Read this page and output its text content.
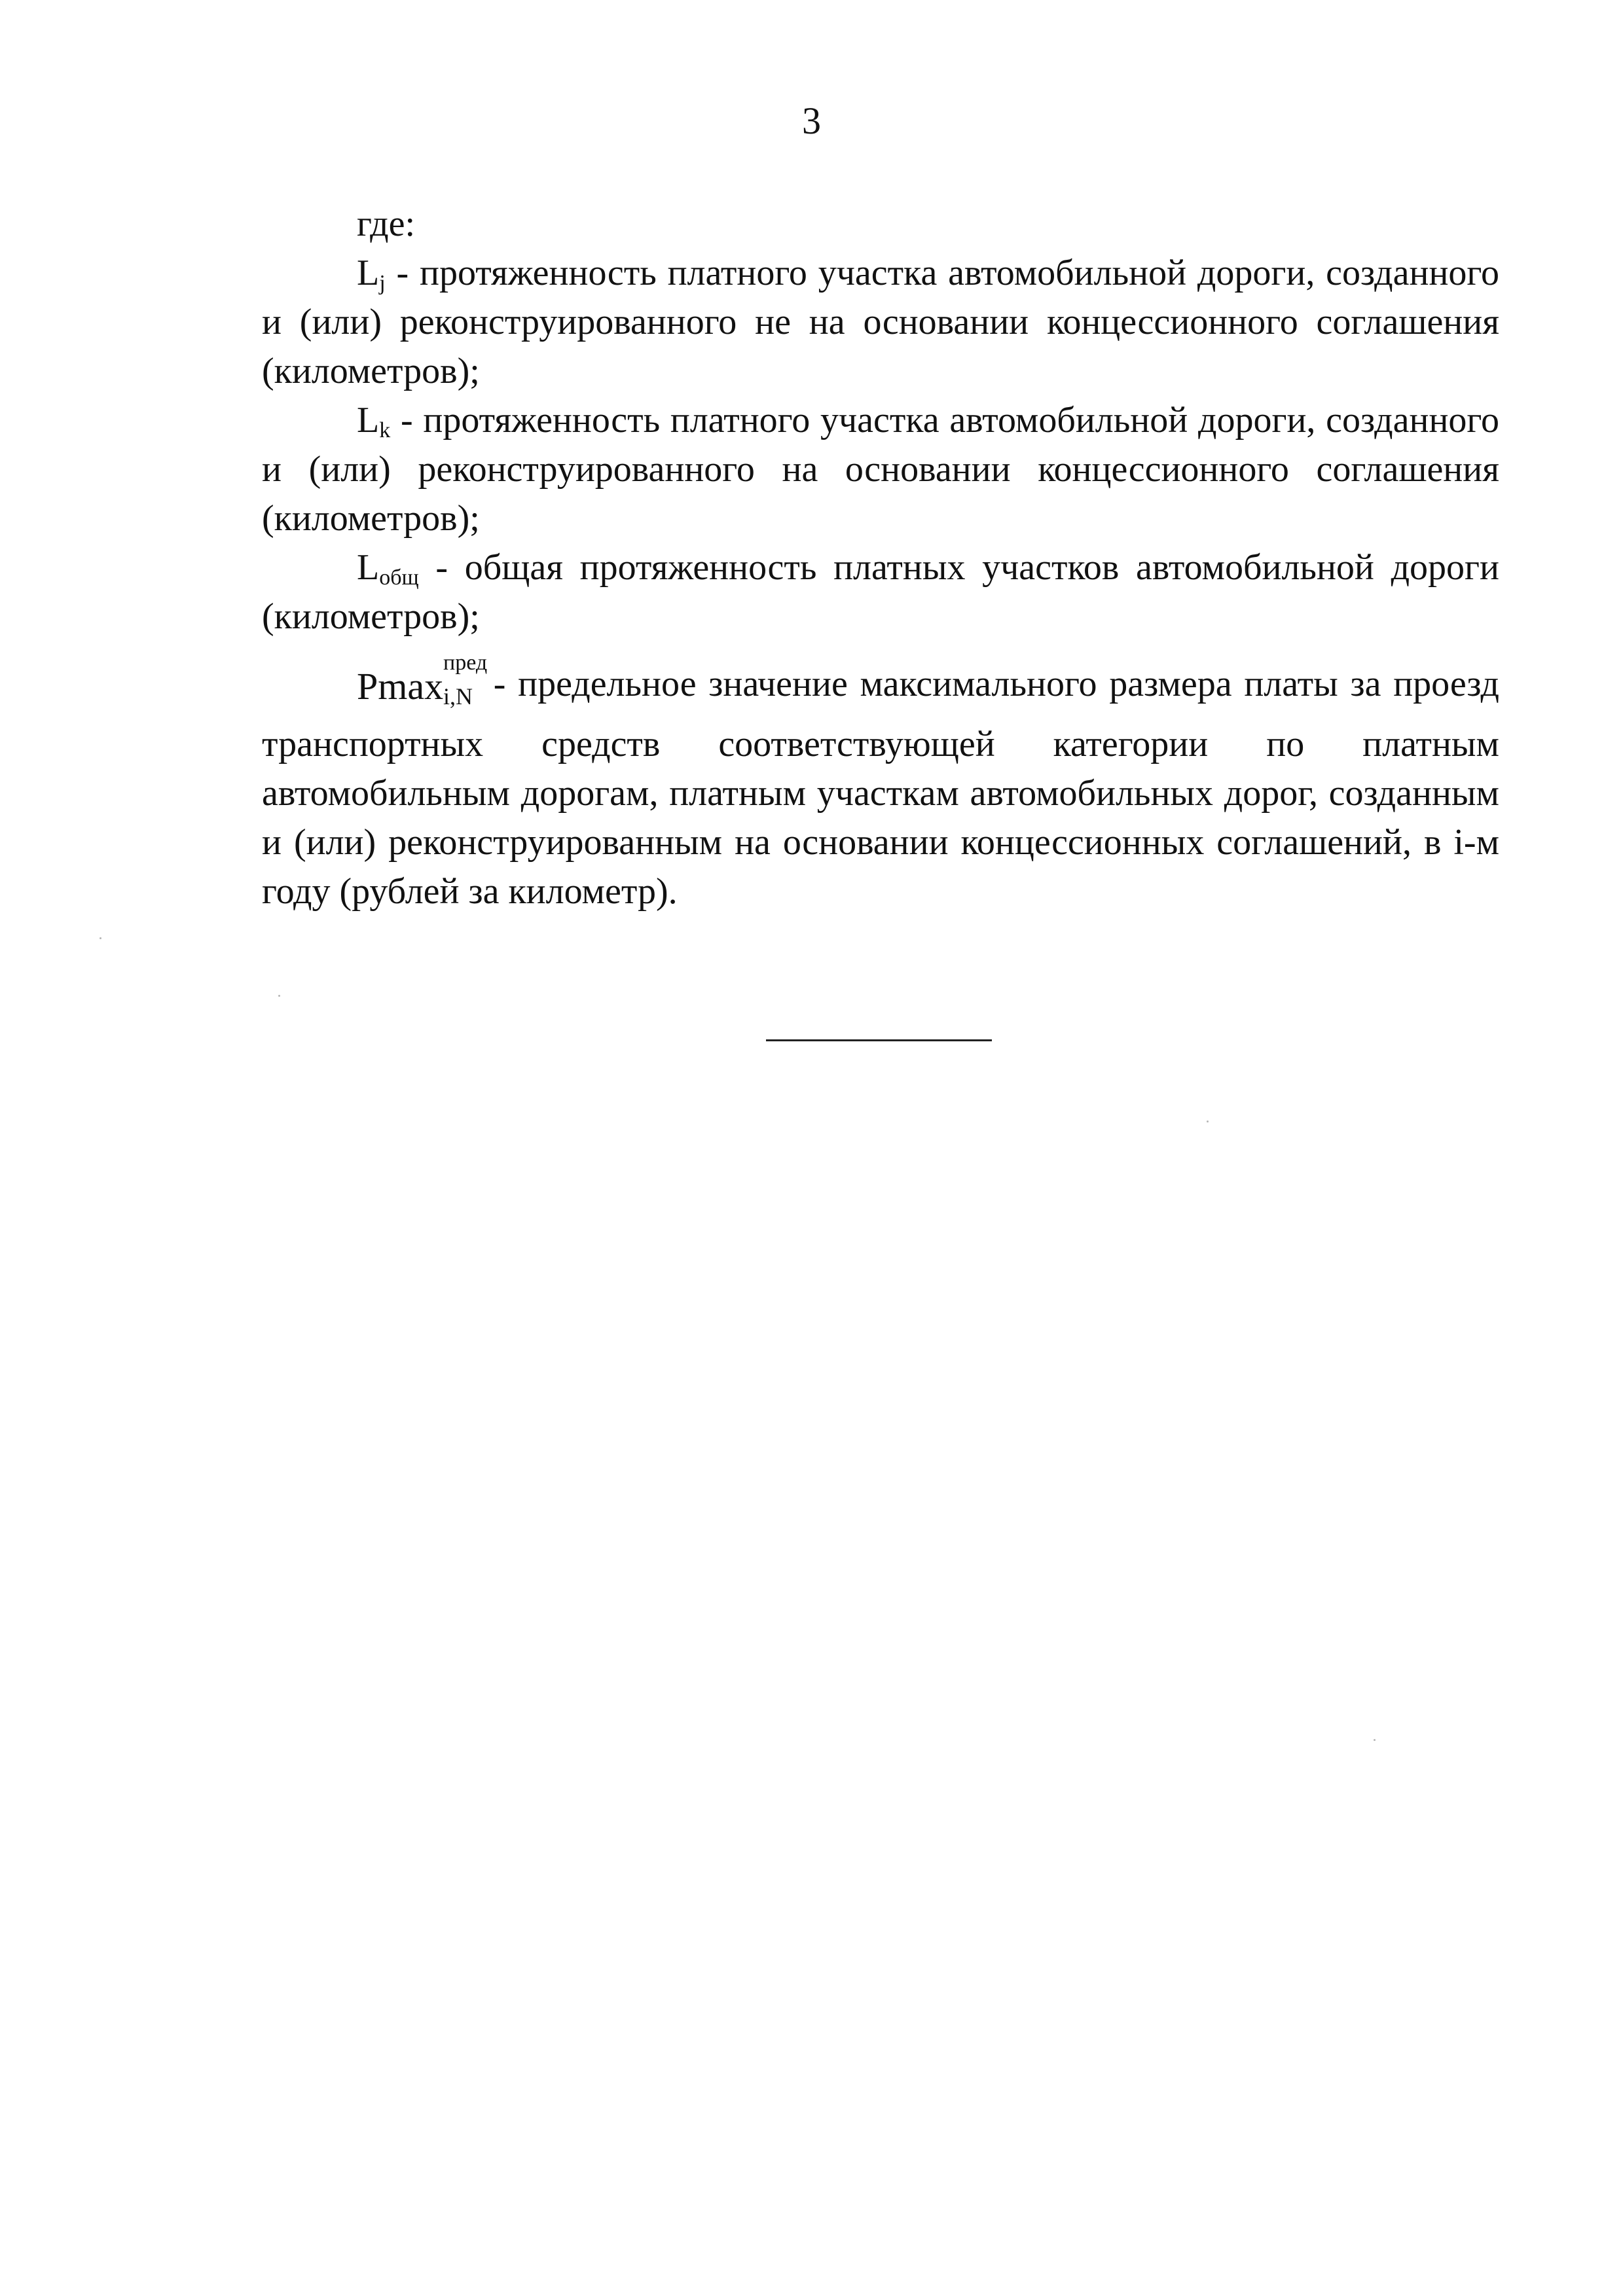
3

где:

$L_j$ - протяженность платного участка автомобильной дороги, созданного и (или) реконструированного не на основании концессионного соглашения (километров);

$L_k$ - протяженность платного участка автомобильной дороги, созданного и (или) реконструированного на основании концессионного соглашения (километров);

$L_{общ}$ - общая протяженность платных участков автомобильной дороги (километров);

Pmax
пред
i,N - предельное значение максимального размера платы за проезд транспортных средств соответствующей категории по платным автомобильным дорогам, платным участкам автомобильных дорог, созданным и (или) реконструированным на основании концессионных соглашений, в i-м году (рублей за километр).
